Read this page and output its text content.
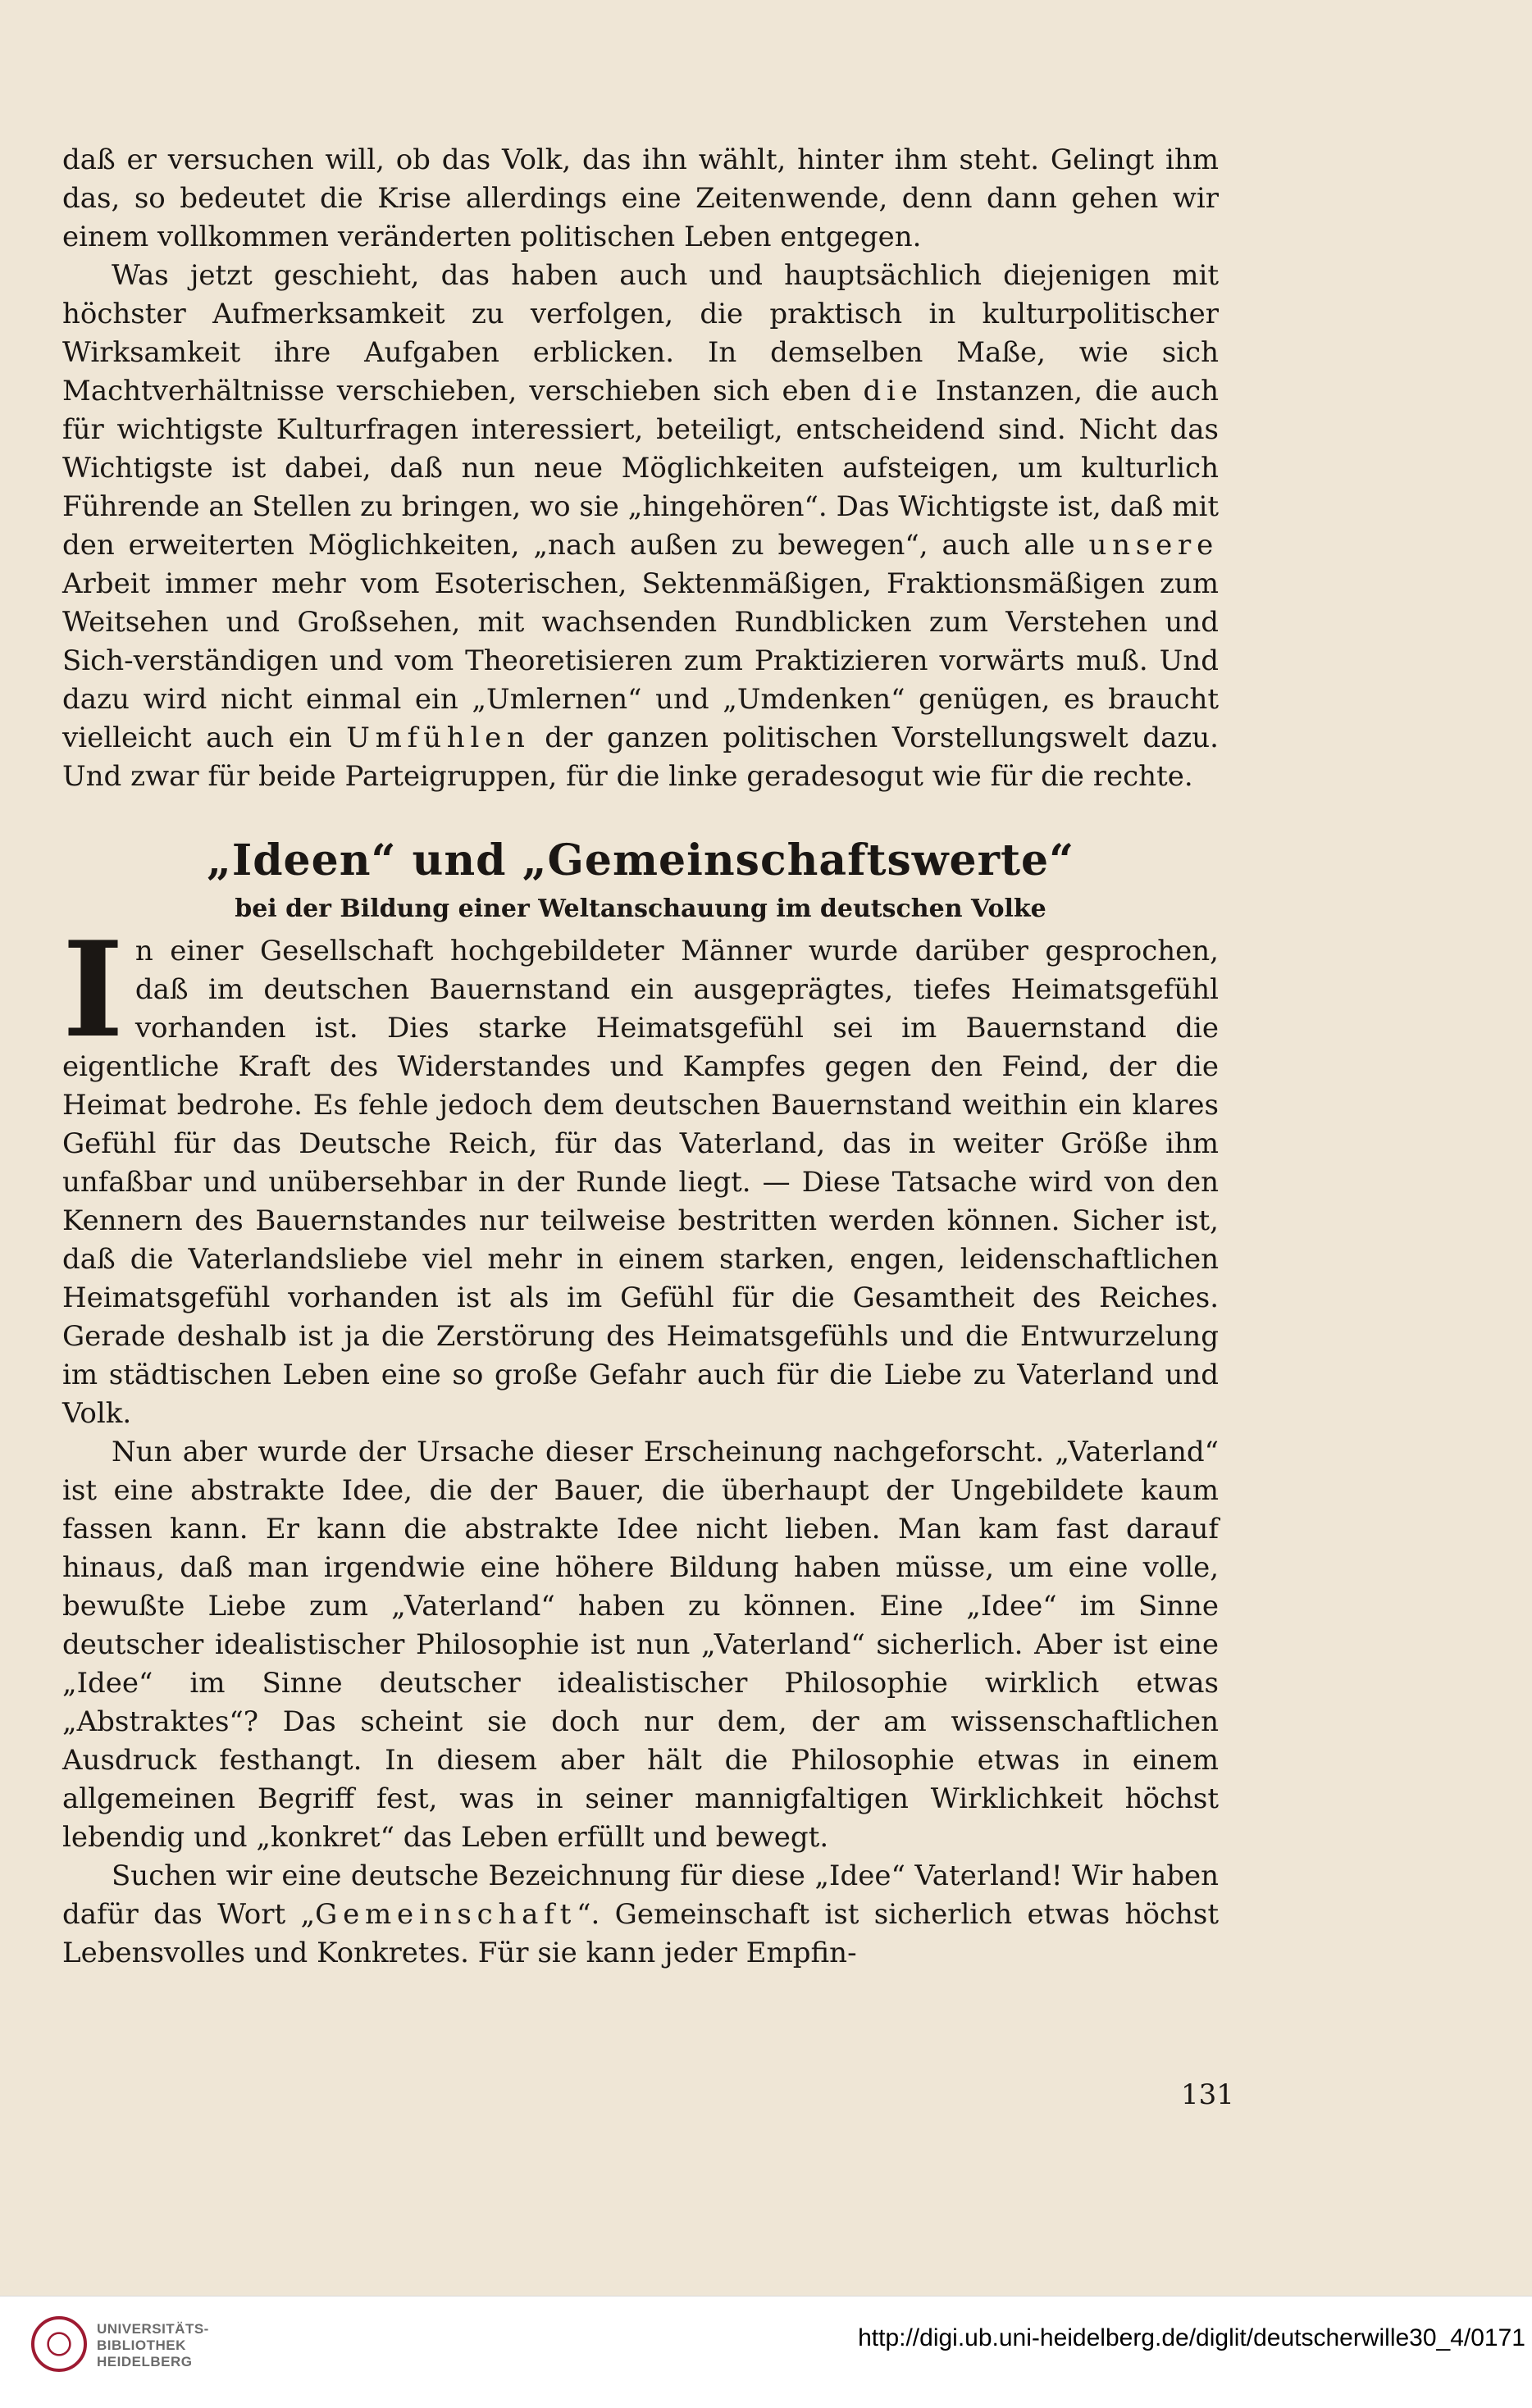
daß er versuchen will, ob das Volk, das ihn wählt, hinter ihm steht. Gelingt ihm das, so bedeutet die Krise allerdings eine Zeitenwende, denn dann gehen wir einem vollkommen veränderten politischen Leben entgegen.

Was jetzt geschieht, das haben auch und hauptsächlich diejenigen mit höchster Aufmerksamkeit zu verfolgen, die praktisch in kulturpolitischer Wirksamkeit ihre Aufgaben erblicken. In demselben Maße, wie sich Machtverhältnisse verschieben, verschieben sich eben die Instanzen, die auch für wichtigste Kulturfragen interessiert, beteiligt, entscheidend sind. Nicht das Wichtigste ist dabei, daß nun neue Möglichkeiten aufsteigen, um kulturlich Führende an Stellen zu bringen, wo sie „hingehören“. Das Wichtigste ist, daß mit den erweiterten Möglichkeiten, „nach außen zu bewegen“, auch alle unsere Arbeit immer mehr vom Esoterischen, Sektenmäßigen, Fraktionsmäßigen zum Weitsehen und Großsehen, mit wachsenden Rundblicken zum Verstehen und Sich-verständigen und vom Theoretisieren zum Praktizieren vorwärts muß. Und dazu wird nicht einmal ein „Umlernen“ und „Umdenken“ genügen, es braucht vielleicht auch ein Umfühlen der ganzen politischen Vorstellungswelt dazu. Und zwar für beide Parteigruppen, für die linke geradesogut wie für die rechte.

„Ideen“ und „Gemeinschaftswerte“
bei der Bildung einer Weltanschauung im deutschen Volke

In einer Gesellschaft hochgebildeter Männer wurde darüber gesprochen, daß im deutschen Bauernstand ein ausgeprägtes, tiefes Heimatsgefühl vorhanden ist. Dies starke Heimatsgefühl sei im Bauernstand die eigentliche Kraft des Widerstandes und Kampfes gegen den Feind, der die Heimat bedrohe. Es fehle jedoch dem deutschen Bauernstand weithin ein klares Gefühl für das Deutsche Reich, für das Vaterland, das in weiter Größe ihm unfaßbar und unübersehbar in der Runde liegt. — Diese Tatsache wird von den Kennern des Bauernstandes nur teilweise bestritten werden können. Sicher ist, daß die Vaterlandsliebe viel mehr in einem starken, engen, leidenschaftlichen Heimatsgefühl vorhanden ist als im Gefühl für die Gesamtheit des Reiches. Gerade deshalb ist ja die Zerstörung des Heimatsgefühls und die Entwurzelung im städtischen Leben eine so große Gefahr auch für die Liebe zu Vaterland und Volk.

Nun aber wurde der Ursache dieser Erscheinung nachgeforscht. „Vaterland“ ist eine abstrakte Idee, die der Bauer, die überhaupt der Ungebildete kaum fassen kann. Er kann die abstrakte Idee nicht lieben. Man kam fast darauf hinaus, daß man irgendwie eine höhere Bildung haben müsse, um eine volle, bewußte Liebe zum „Vaterland“ haben zu können. Eine „Idee“ im Sinne deutscher idealistischer Philosophie ist nun „Vaterland“ sicherlich. Aber ist eine „Idee“ im Sinne deutscher idealistischer Philosophie wirklich etwas „Abstraktes“? Das scheint sie doch nur dem, der am wissenschaftlichen Ausdruck festhangt. In diesem aber hält die Philosophie etwas in einem allgemeinen Begriff fest, was in seiner mannigfaltigen Wirklichkeit höchst lebendig und „konkret“ das Leben erfüllt und bewegt.

Suchen wir eine deutsche Bezeichnung für diese „Idee“ Vaterland! Wir haben dafür das Wort „Gemeinschaft“. Gemeinschaft ist sicherlich etwas höchst Lebensvolles und Konkretes. Für sie kann jeder Empfin-

131
UNIVERSITÄTS-
BIBLIOTHEK
HEIDELBERG
http://digi.ub.uni-heidelberg.de/diglit/deutscherwille30_4/0171
